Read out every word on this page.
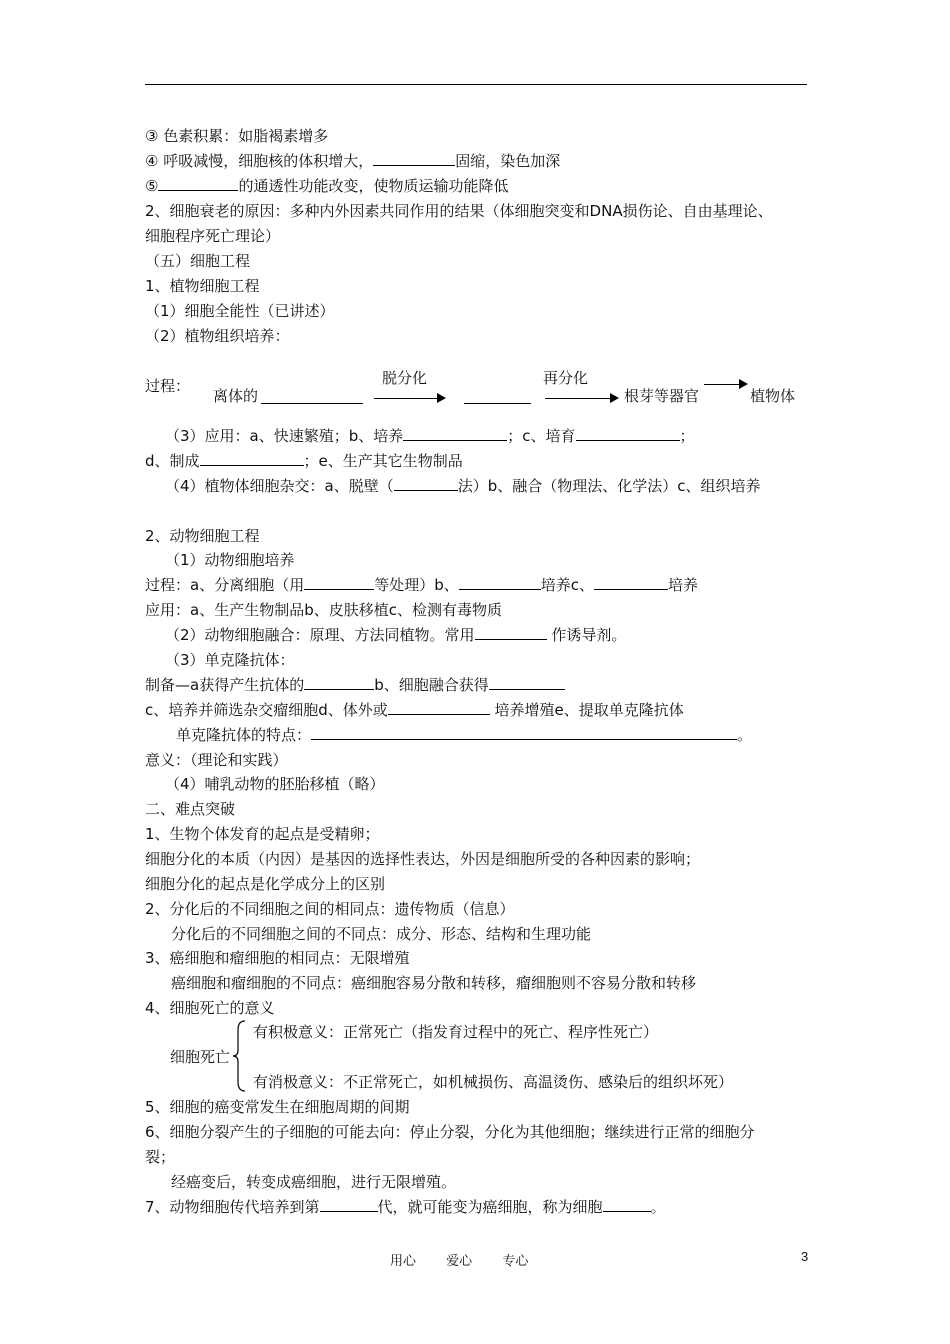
③ 色素积累：如脂褐素增多
④ 呼吸减慢，细胞核的体积增大，	固缩，染色加深
⑤	的通透性功能改变，使物质运输功能降低
2、细胞衰老的原因：多种内外因素共同作用的结果（体细胞突变和DNA损伤论、自由基理论、
细胞程序死亡理论）
（五）细胞工程
1、植物细胞工程
（1）细胞全能性（已讲述）
（2）植物组织培养：
过程：
离体的
脱分化	再分化
根芽等器官	植物体
（3）应用：a、快速繁殖；b、培养	；c、培育	；
d、制成	；e、生产其它生物制品
（4）植物体细胞杂交：a、脱壁（	法）b、融合（物理法、化学法）c、组织培养
2、动物细胞工程
（1）动物细胞培养
过程：a、分离细胞（用	等处理）b、	培养c、	培养
应用：a、生产生物制品b、皮肤移植c、检测有毒物质
（2）动物细胞融合：原理、方法同植物。常用	作诱导剂。
（3）单克隆抗体：
制备—a获得产生抗体的	b、细胞融合获得
c、培养并筛选杂交瘤细胞d、体外或	培养增殖e、提取单克隆抗体
单克隆抗体的特点：	。
意义：（理论和实践）
（4）哺乳动物的胚胎移植（略）
二、难点突破
1、生物个体发育的起点是受精卵；
细胞分化的本质（内因）是基因的选择性表达，外因是细胞所受的各种因素的影响；
细胞分化的起点是化学成分上的区别
2、分化后的不同细胞之间的相同点：遗传物质（信息）
分化后的不同细胞之间的不同点：成分、形态、结构和生理功能
3、癌细胞和瘤细胞的相同点：无限增殖
癌细胞和瘤细胞的不同点：癌细胞容易分散和转移，瘤细胞则不容易分散和转移
4、细胞死亡的意义
细胞死亡
有积极意义：正常死亡（指发育过程中的死亡、程序性死亡）
有消极意义：不正常死亡，如机械损伤、高温烫伤、感染后的组织坏死）
5、细胞的癌变常发生在细胞周期的间期
6、细胞分裂产生的子细胞的可能去向：停止分裂，分化为其他细胞；继续进行正常的细胞分
裂；
经癌变后，转变成癌细胞，进行无限增殖。
7、动物细胞传代培养到第	代，就可能变为癌细胞，称为细胞	。
用心 爱心 专心	3
